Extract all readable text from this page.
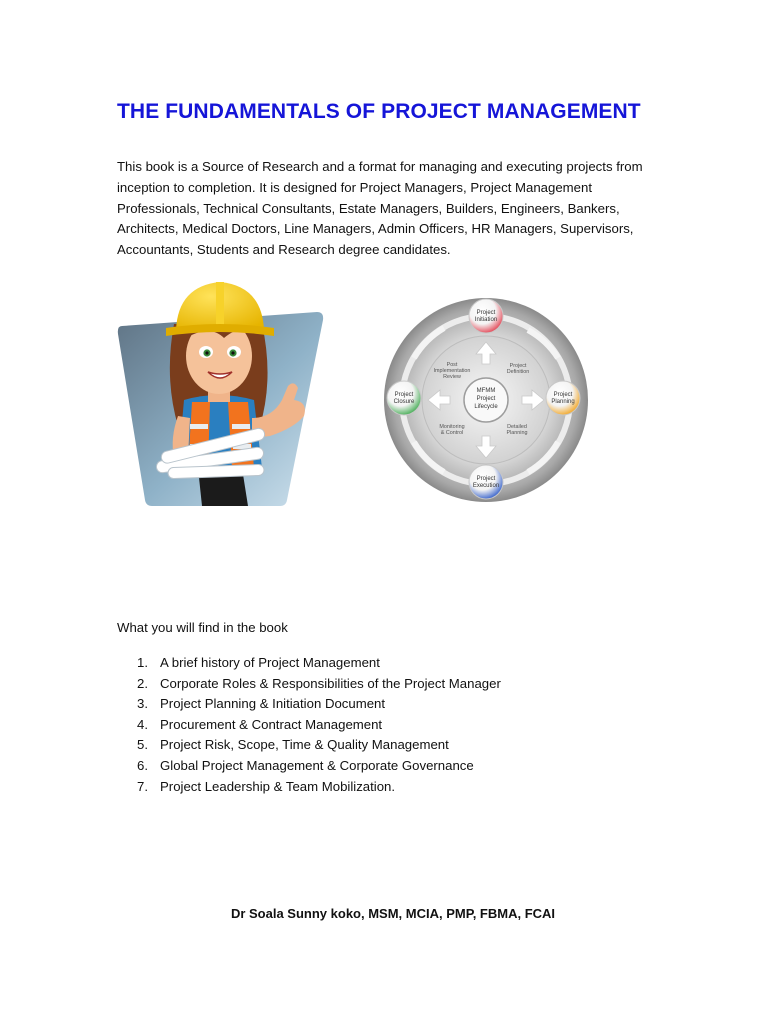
THE FUNDAMENTALS OF PROJECT MANAGEMENT

This book is a Source of Research and a format for managing and executing projects from inception to completion. It is designed for Project Managers, Project Management Professionals, Technical Consultants, Estate Managers, Builders, Engineers, Bankers, Architects, Medical Doctors, Line Managers, Admin Officers, HR Managers, Supervisors, Accountants, Students and Research degree candidates.

MFMM
Project
Lifecycle
Project
Definition
Detailed
Planning
Monitoring
& Control
Post
Implementation
Review
Project
Initiation
Project
Planning
Project
Execution
Project
Closure

What you will find in the book

1. A brief history of Project Management
2. Corporate Roles & Responsibilities of the Project Manager
3. Project Planning & Initiation Document
4. Procurement & Contract Management
5. Project Risk, Scope, Time & Quality Management
6. Global Project Management & Corporate Governance
7. Project Leadership & Team Mobilization.
Dr Soala Sunny koko, MSM, MCIA, PMP, FBMA, FCAI
